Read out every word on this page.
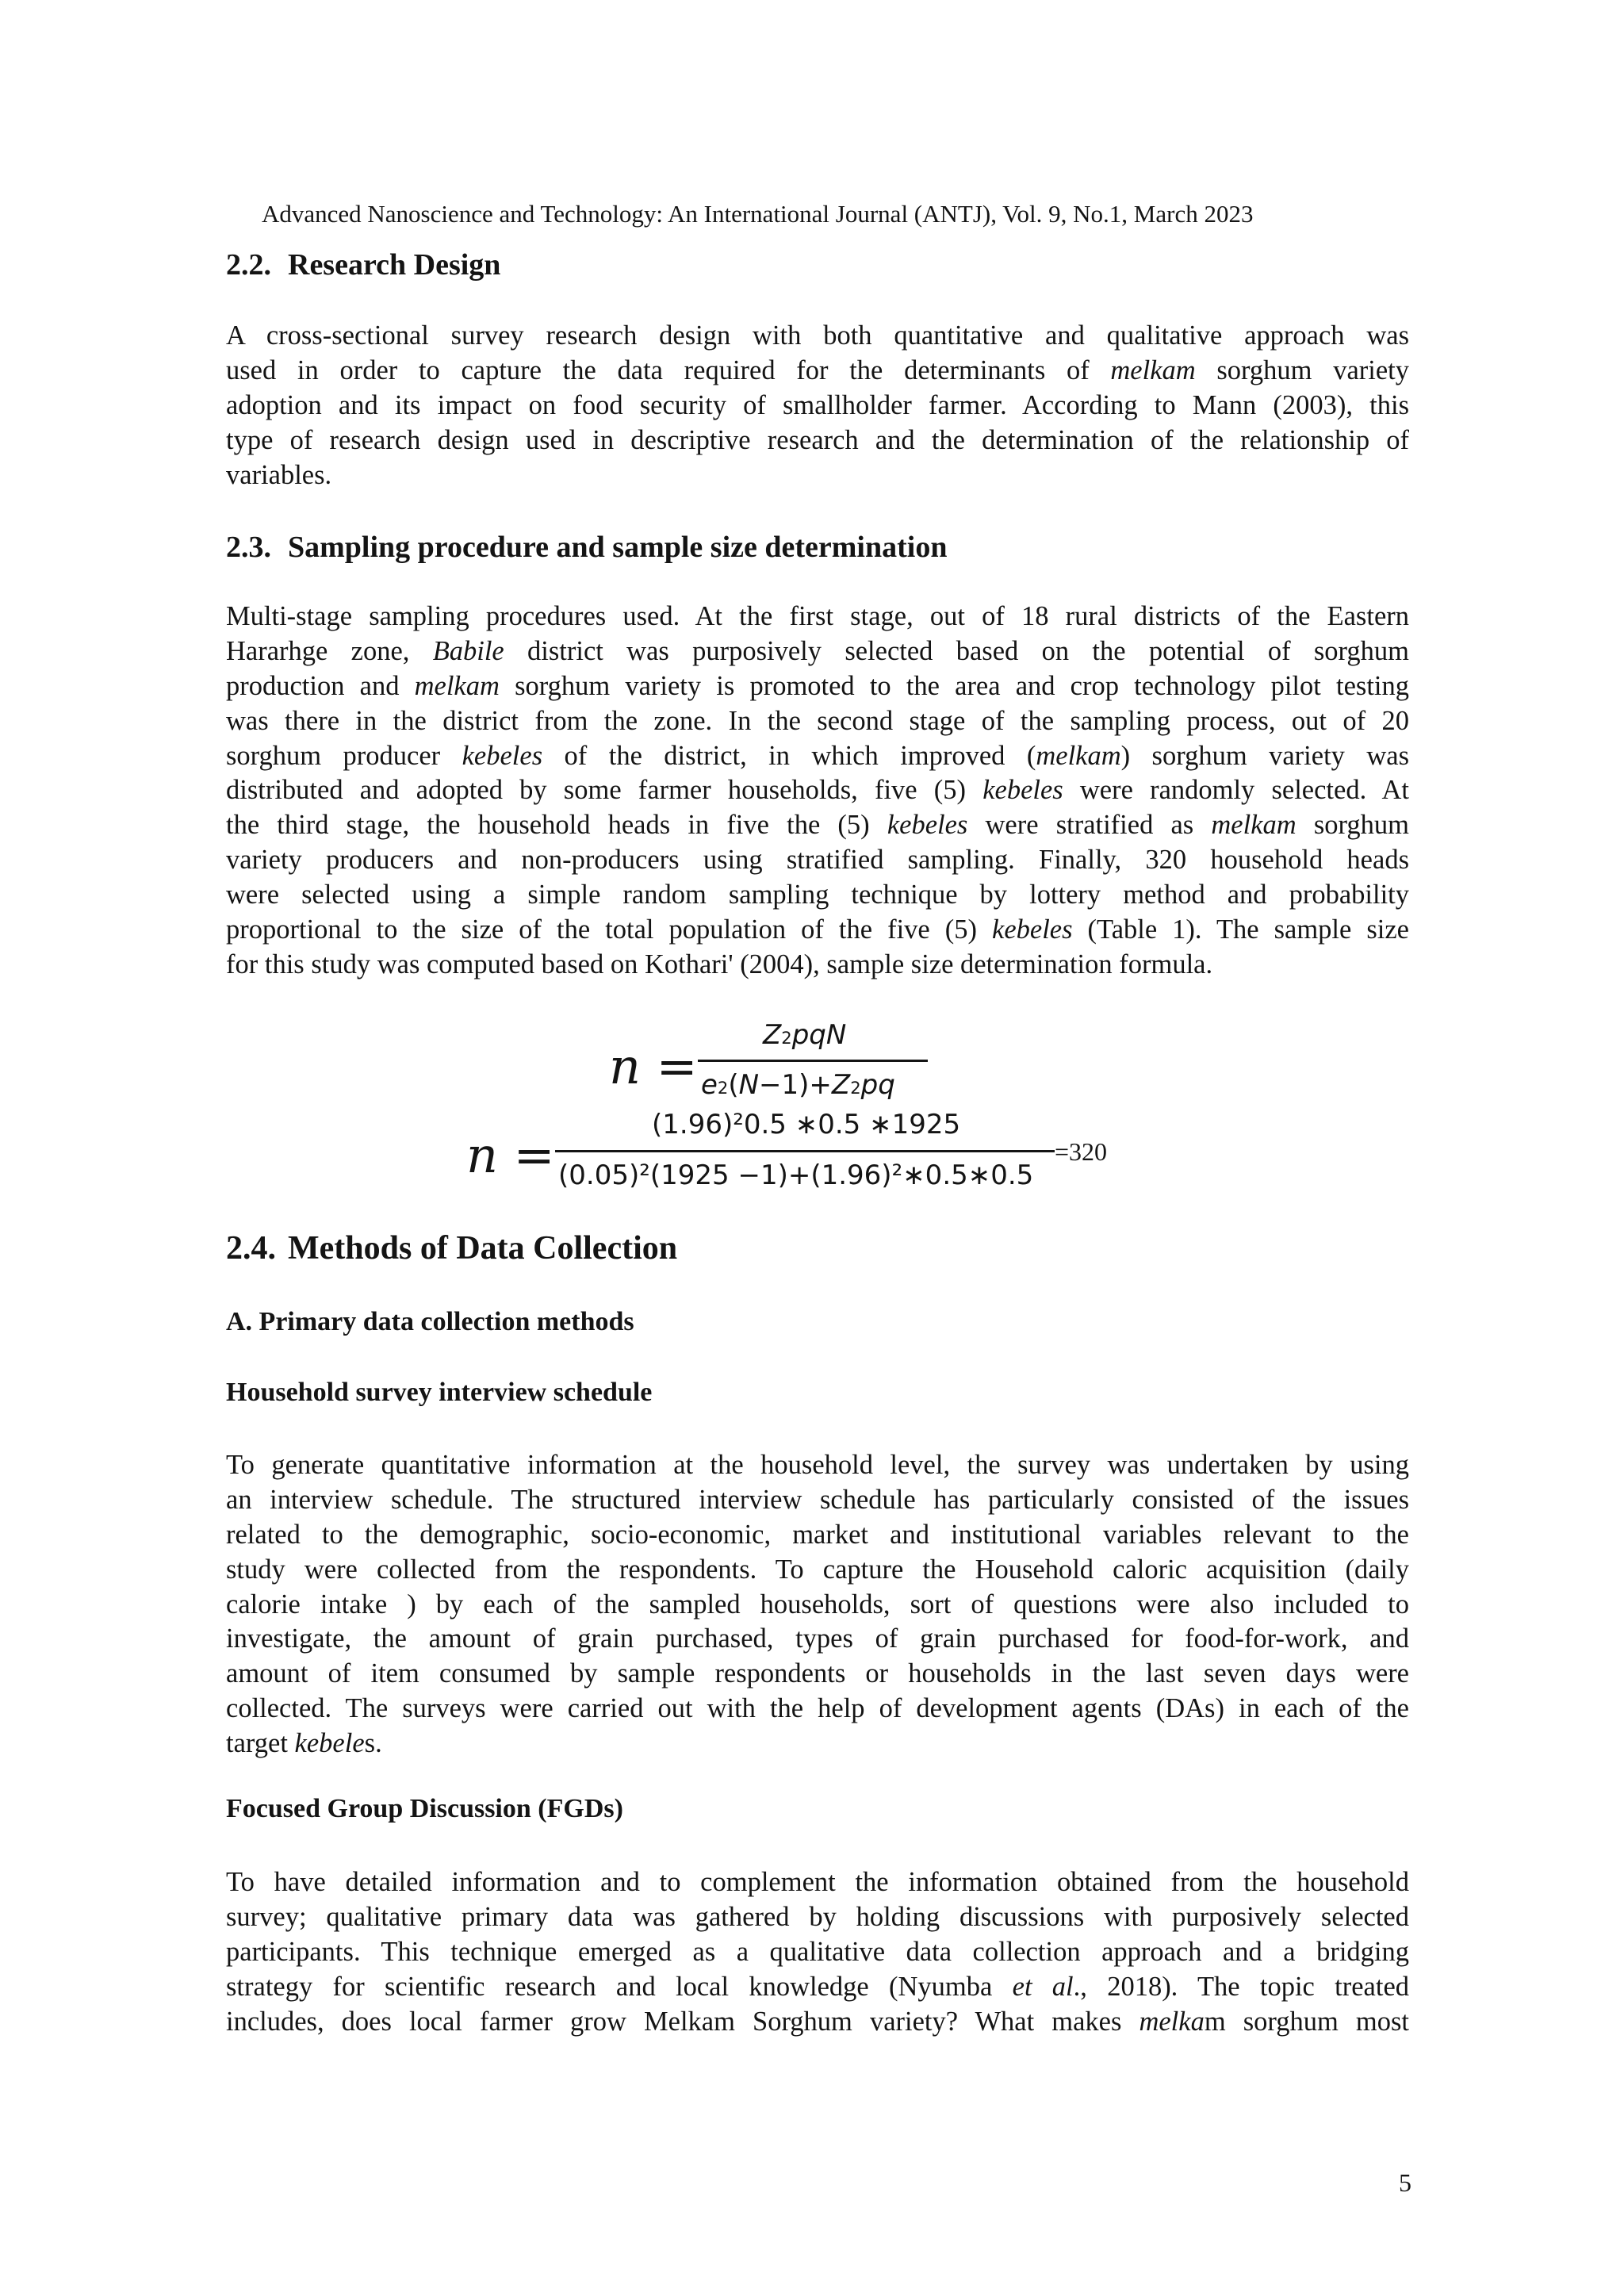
Advanced Nanoscience and Technology: An International Journal (ANTJ), Vol. 9, No.1, March 2023
2.2. Research Design
A cross-sectional survey research design with both quantitative and qualitative approach was
used in order to capture the data required for the determinants of melkam sorghum variety
adoption and its impact on food security of smallholder farmer. According to Mann (2003), this
type of research design used in descriptive research and the determination of the relationship of
variables.
2.3. Sampling procedure and sample size determination
Multi-stage sampling procedures used. At the first stage, out of 18 rural districts of the Eastern
Hararhge zone, Babile district was purposively selected based on the potential of sorghum
production and melkam sorghum variety is promoted to the area and crop technology pilot testing
was there in the district from the zone. In the second stage of the sampling process, out of 20
sorghum producer kebeles of the district, in which improved (melkam) sorghum variety was
distributed and adopted by some farmer households, five (5) kebeles were randomly selected. At
the third stage, the household heads in five the (5) kebeles were stratified as melkam sorghum
variety producers and non-producers using stratified sampling. Finally, 320 household heads
were selected using a simple random sampling technique by lottery method and probability
proportional to the size of the total population of the five (5) kebeles (Table 1). The sample size
for this study was computed based on Kothari' (2004), sample size determination formula.
n =
$Z^2pqN$
$e^2(N-1)+Z^2pq$
n =
(1.96)²0.5 ∗0.5 ∗1925
(0.05)²(1925 −1)+(1.96)²∗0.5∗0.5
=320
2.4. Methods of Data Collection
A. Primary data collection methods
Household survey interview schedule
To generate quantitative information at the household level, the survey was undertaken by using
an interview schedule. The structured interview schedule has particularly consisted of the issues
related to the demographic, socio-economic, market and institutional variables relevant to the
study were collected from the respondents. To capture the Household caloric acquisition (daily
calorie intake ) by each of the sampled households, sort of questions were also included to
investigate, the amount of grain purchased, types of grain purchased for food-for-work, and
amount of item consumed by sample respondents or households in the last seven days were
collected. The surveys were carried out with the help of development agents (DAs) in each of the
target kebeles.
Focused Group Discussion (FGDs)
To have detailed information and to complement the information obtained from the household
survey; qualitative primary data was gathered by holding discussions with purposively selected
participants. This technique emerged as a qualitative data collection approach and a bridging
strategy for scientific research and local knowledge (Nyumba et al., 2018). The topic treated
includes, does local farmer grow Melkam Sorghum variety? What makes melkam sorghum most
5
